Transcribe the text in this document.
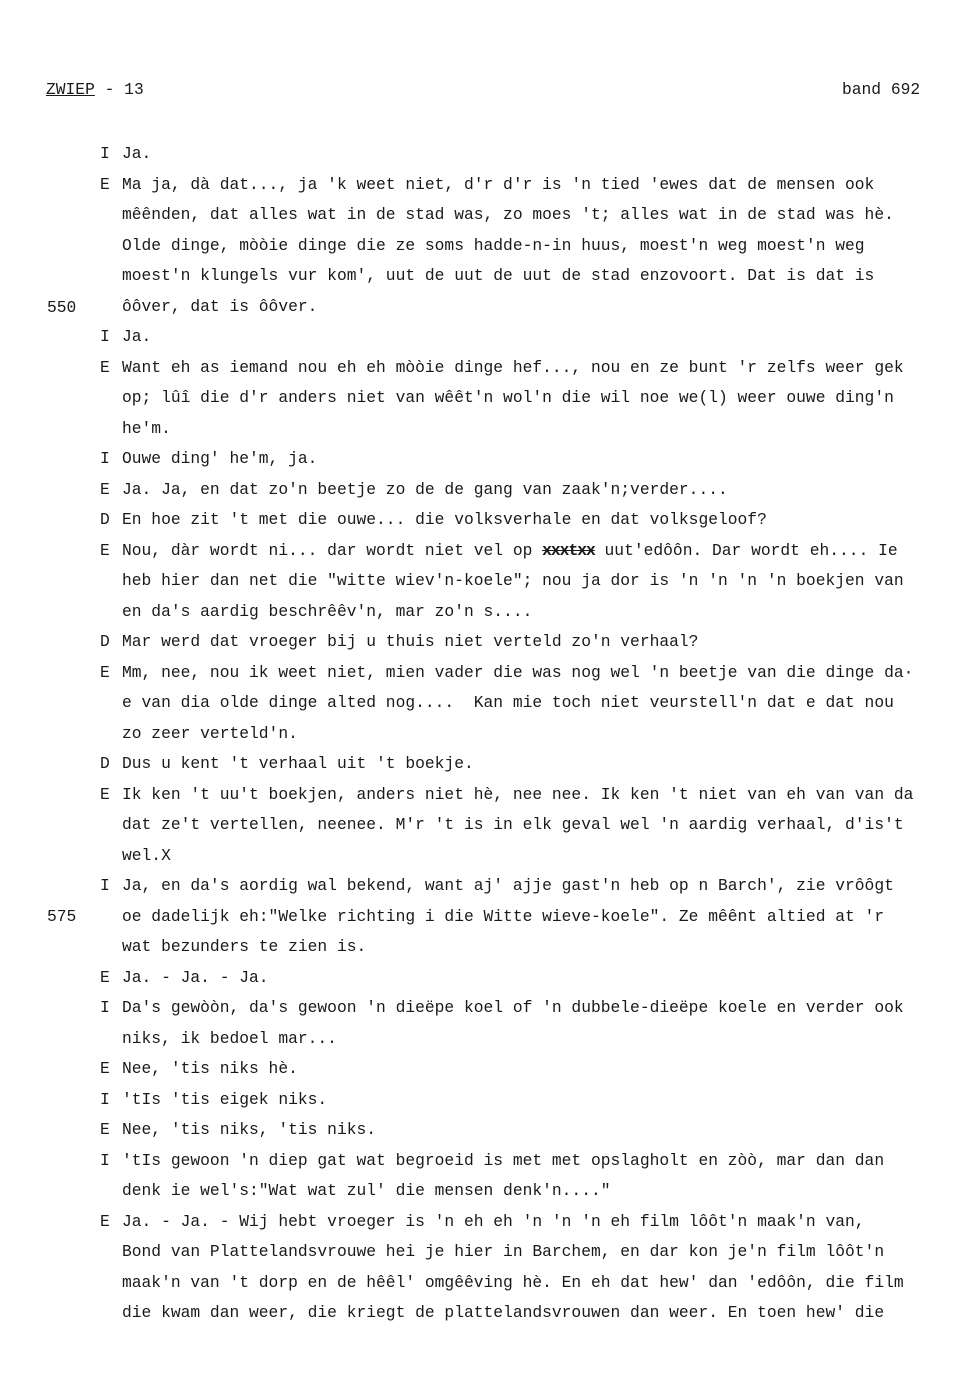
ZWIEP - 13	band 692
550
575
I Ja.
E Ma ja, dà dat..., ja 'k weet niet, d'r d'r is 'n tied 'ewes dat de mensen ook
mêênden, dat alles wat in de stad was, zo moes 't; alles wat in de stad was hè.
Olde dinge, mòòie dinge die ze soms hadde-n-in huus, moest'n weg moest'n weg
moest'n klungels vur kom', uut de uut de uut de stad enzovoort. Dat is dat is
ôôver, dat is ôôver.
I Ja.
E Want eh as iemand nou eh eh mòòie dinge hef..., nou en ze bunt 'r zelfs weer gek
op; lûî die d'r anders niet van wêêt'n wol'n die wil noe we(l) weer ouwe ding'n
he'm.
I Ouwe ding' he'm, ja.
E Ja. Ja, en dat zo'n beetje zo de de gang van zaak'n;verder....
D En hoe zit 't met die ouwe... die volksverhale en dat volksgeloof?
E Nou, dàr wordt ni... dar wordt niet vel op xxxtxx uut'edôôn. Dar wordt eh.... Ie
heb hier dan net die "witte wiev'n-koele"; nou ja dor is 'n 'n 'n 'n boekjen van
en da's aardig beschrêêv'n, mar zo'n s....
D Mar werd dat vroeger bij u thuis niet verteld zo'n verhaal?
E Mm, nee, nou ik weet niet, mien vader die was nog wel 'n beetje van die dinge da·
e van dia olde dinge alted nog....  Kan mie toch niet veurstell'n dat e dat nou
zo zeer verteld'n.
D Dus u kent 't verhaal uit 't boekje.
E Ik ken 't uu't boekjen, anders niet hè, nee nee. Ik ken 't niet van eh van van da
dat ze't vertellen, neenee. M'r 't is in elk geval wel 'n aardig verhaal, d'is't
wel.X
I Ja, en da's aordig wal bekend, want aj' ajje gast'n heb op n Barch', zie vrôôgt
oe dadelijk eh:"Welke richting i die Witte wieve-koele". Ze mêênt altied at 'r
wat bezunders te zien is.
E Ja. - Ja. - Ja.
I Da's gewòòn, da's gewoon 'n dieëpe koel of 'n dubbele-dieëpe koele en verder ook
niks, ik bedoel mar...
E Nee, 'tis niks hè.
I 'tIs 'tis eigek niks.
E Nee, 'tis niks, 'tis niks.
I 'tIs gewoon 'n diep gat wat begroeid is met met opslagholt en zòò, mar dan dan
denk ie wel's:"Wat wat zul' die mensen denk'n...."
E Ja. - Ja. - Wij hebt vroeger is 'n eh eh 'n 'n 'n eh film lôôt'n maak'n van,
Bond van Plattelandsvrouwe hei je hier in Barchem, en dar kon je'n film lôôt'n
maak'n van 't dorp en de hêêl' omgêêving hè. En eh dat hew' dan 'edôôn, die film
die kwam dan weer, die kriegt de plattelandsvrouwen dan weer. En toen hew' die
